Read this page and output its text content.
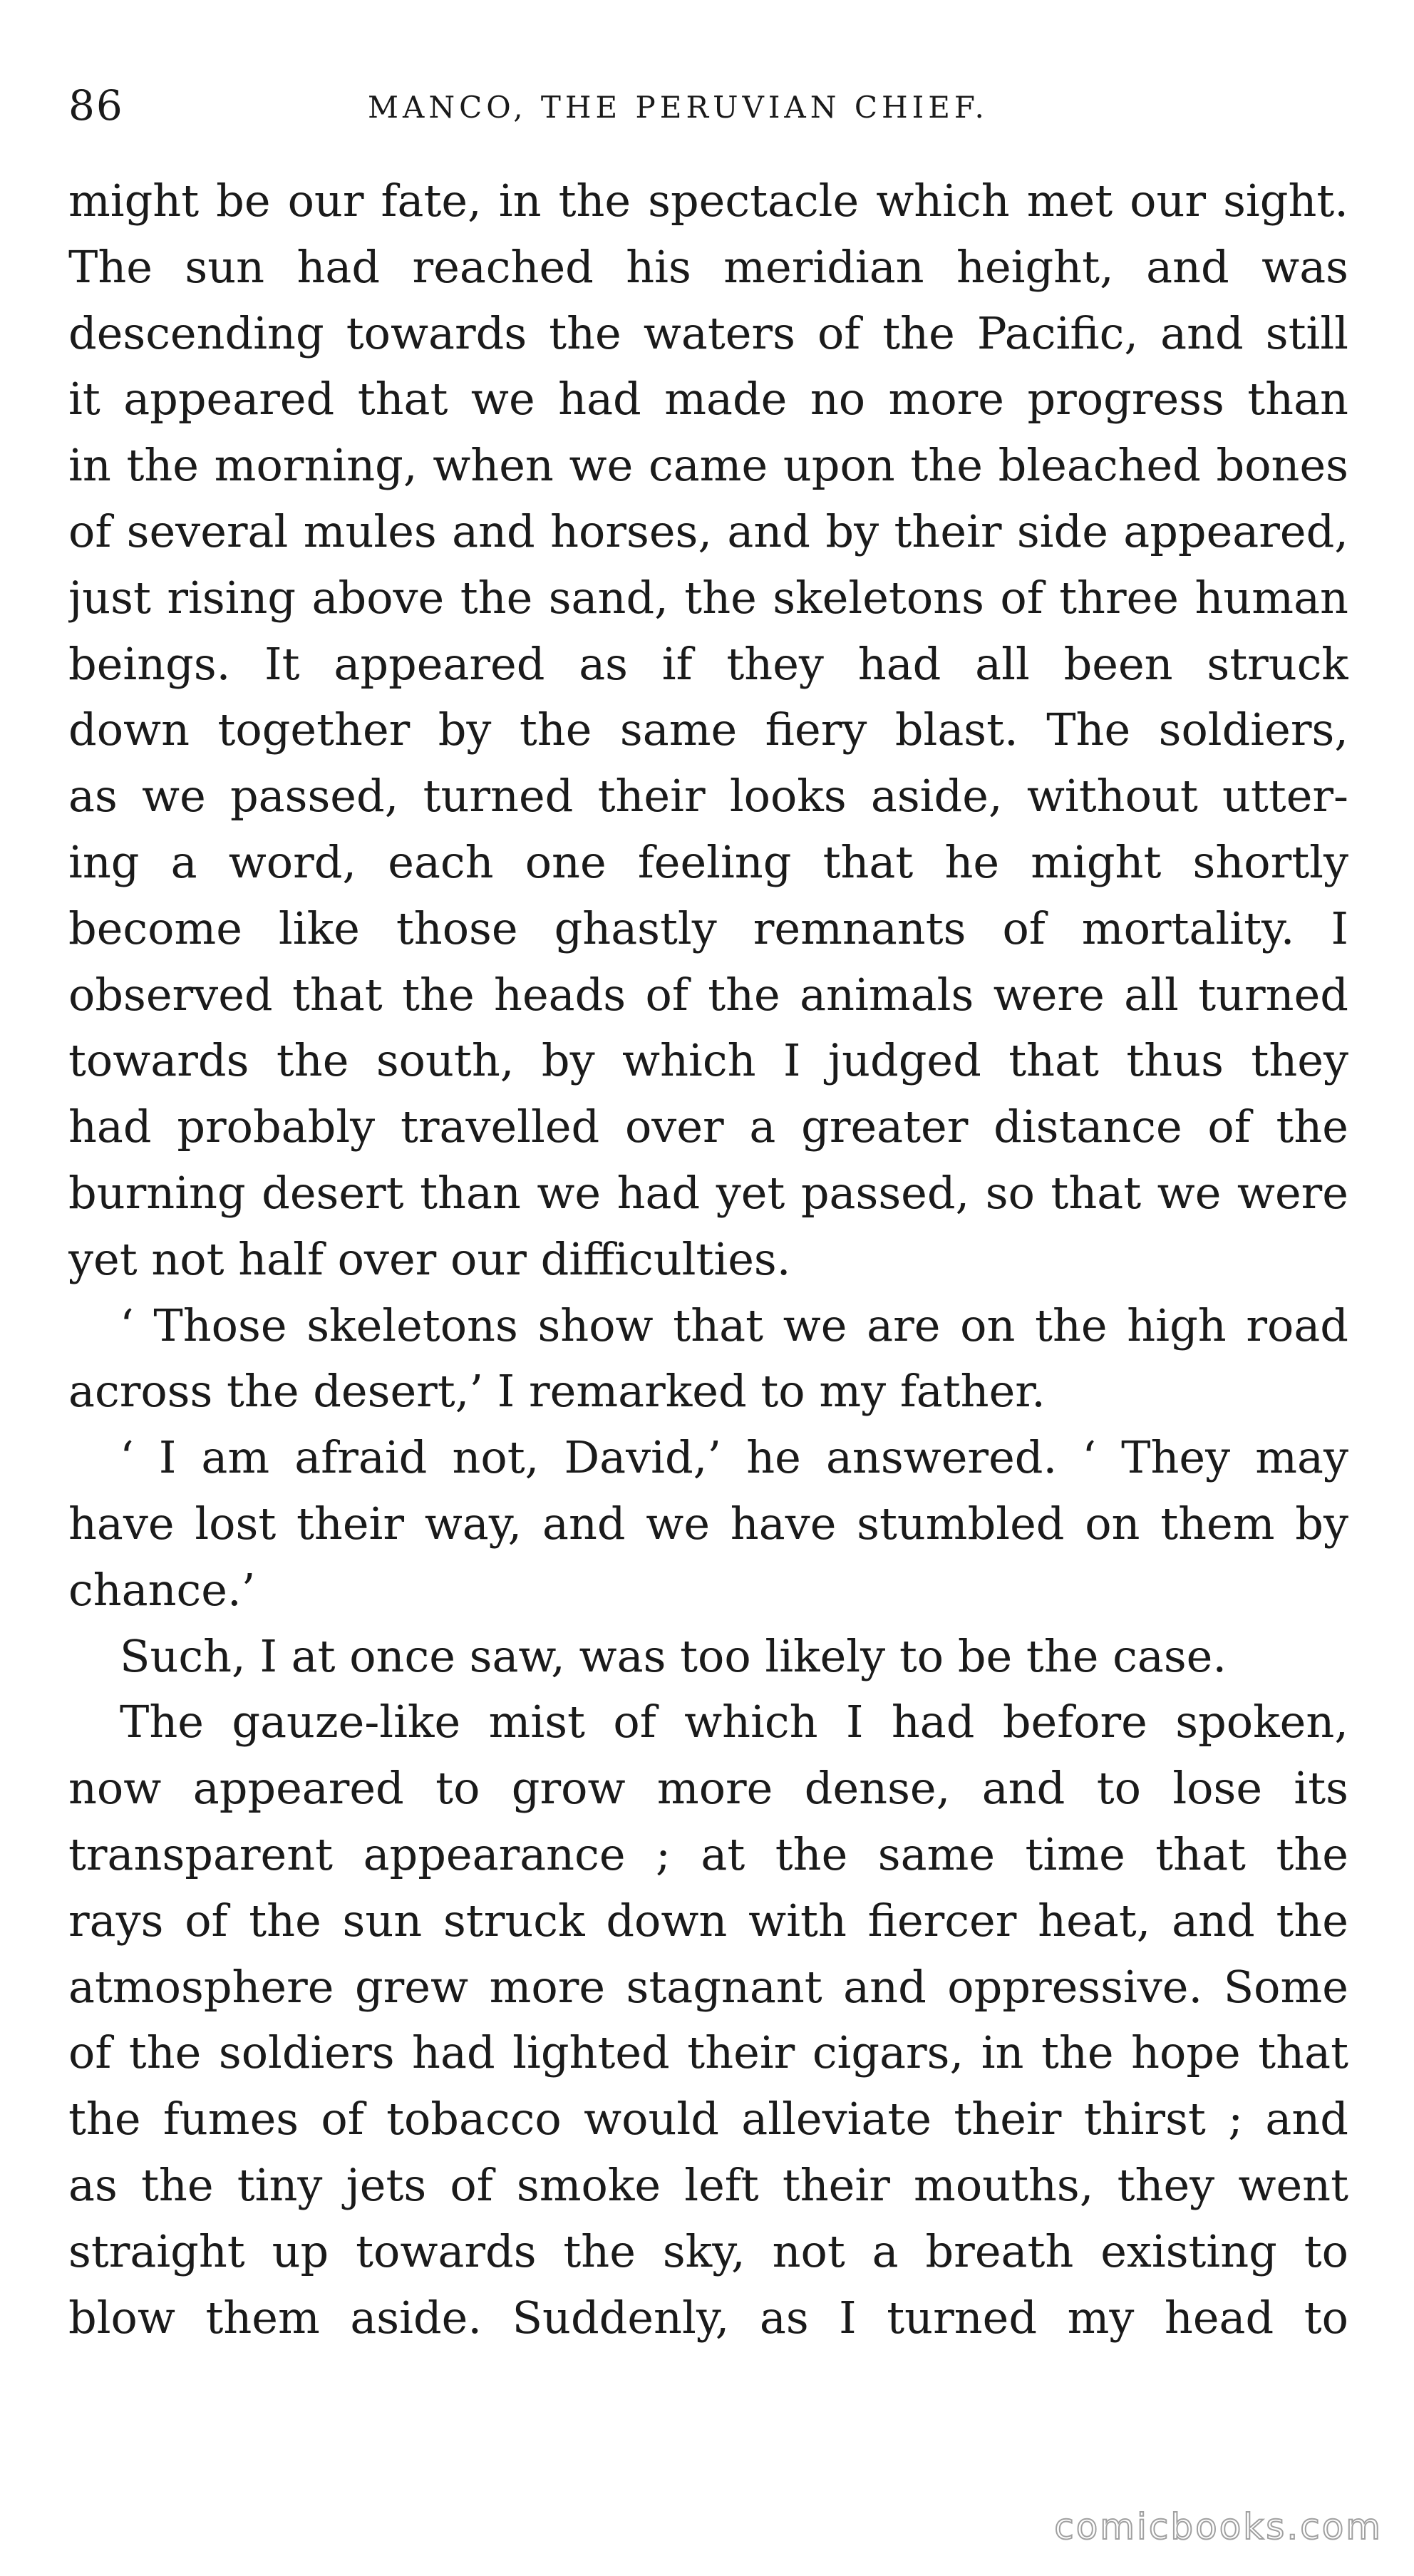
86	MANCO, THE PERUVIAN CHIEF.
might be our fate, in the spectacle which met our sight.
The sun had reached his meridian height, and was
descending towards the waters of the Pacific, and still
it appeared that we had made no more progress than
in the morning, when we came upon the bleached bones
of several mules and horses, and by their side appeared,
just rising above the sand, the skeletons of three human
beings. It appeared as if they had all been struck
down together by the same fiery blast. The soldiers,
as we passed, turned their looks aside, without utter-
ing a word, each one feeling that he might shortly
become like those ghastly remnants of mortality. I
observed that the heads of the animals were all turned
towards the south, by which I judged that thus they
had probably travelled over a greater distance of the
burning desert than we had yet passed, so that we were
yet not half over our difficulties.
‘ Those skeletons show that we are on the high road
across the desert,’ I remarked to my father.
‘ I am afraid not, David,’ he answered. ‘ They may
have lost their way, and we have stumbled on them by
chance.’
Such, I at once saw, was too likely to be the case.
The gauze-like mist of which I had before spoken,
now appeared to grow more dense, and to lose its
transparent appearance ; at the same time that the
rays of the sun struck down with fiercer heat, and the
atmosphere grew more stagnant and oppressive. Some
of the soldiers had lighted their cigars, in the hope that
the fumes of tobacco would alleviate their thirst ; and
as the tiny jets of smoke left their mouths, they went
straight up towards the sky, not a breath existing to
blow them aside. Suddenly, as I turned my head to
comicbooks.com
